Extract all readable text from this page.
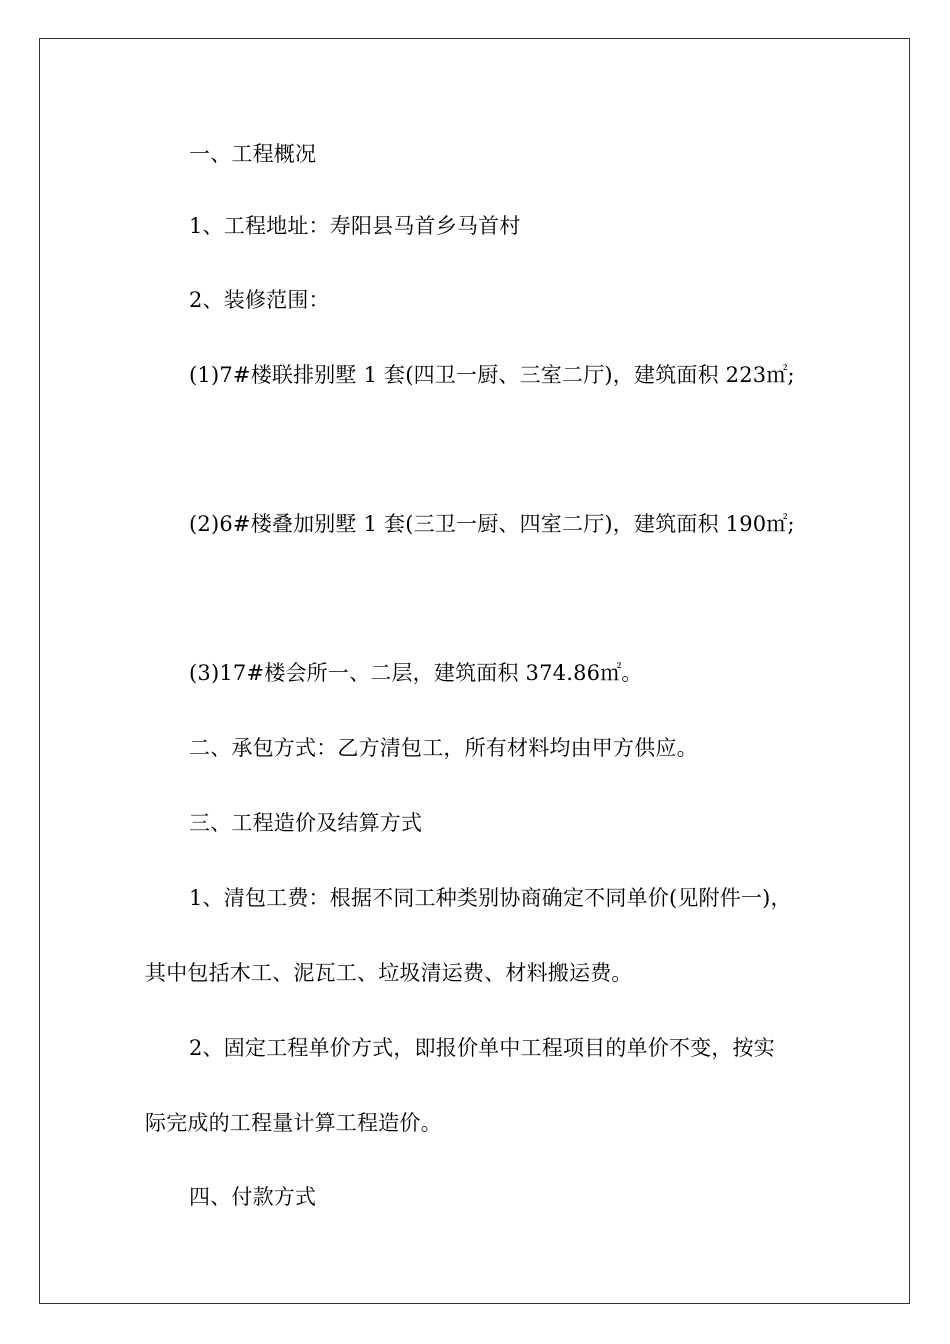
一、工程概况
1、工程地址：寿阳县马首乡马首村
2、装修范围：
(1)7#楼联排别墅 1 套(四卫一厨、三室二厅)，建筑面积 223㎡;
(2)6#楼叠加别墅 1 套(三卫一厨、四室二厅)，建筑面积 190㎡;
(3)17#楼会所一、二层，建筑面积 374.86㎡。
二、承包方式：乙方清包工，所有材料均由甲方供应。
三、工程造价及结算方式
1、清包工费：根据不同工种类别协商确定不同单价(见附件一)，
其中包括木工、泥瓦工、垃圾清运费、材料搬运费。
2、固定工程单价方式，即报价单中工程项目的单价不变，按实
际完成的工程量计算工程造价。
四、付款方式
